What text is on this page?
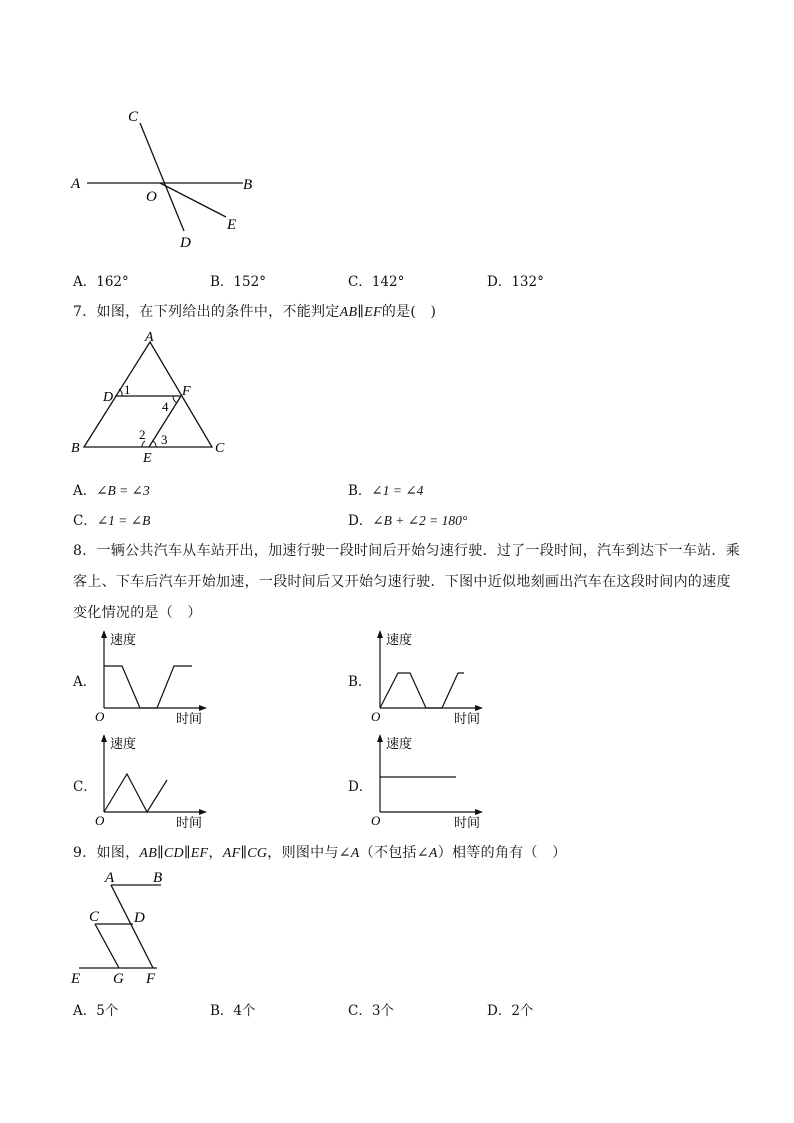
C
A	B
O
E
D
A．162°	B．152°	C．142°	D．132°
7．如图，在下列给出的条件中，不能判定AB∥EF的是(　)
A
D
1	F
4
2 3
B
E
C
A．∠B = ∠3	B．∠1 = ∠4
C．∠1 = ∠B	D．∠B + ∠2 = 180°
8．一辆公共汽车从车站开出，加速行驶一段时间后开始匀速行驶．过了一段时间，汽车到达下一车站．乘
客上、下车后汽车开始加速，一段时间后又开始匀速行驶．下图中近似地刻画出汽车在这段时间内的速度
变化情况的是（　）
A．
速度
O	时间
B．
速度
O	时间
C．
速度
O	时间
D．
速度
O	时间
9．如图，AB∥CD∥EF，AF∥CG，则图中与∠A（不包括∠A）相等的角有（　）
A	B
C D
E G F
A．5个	B．4个	C．3个	D．2个
